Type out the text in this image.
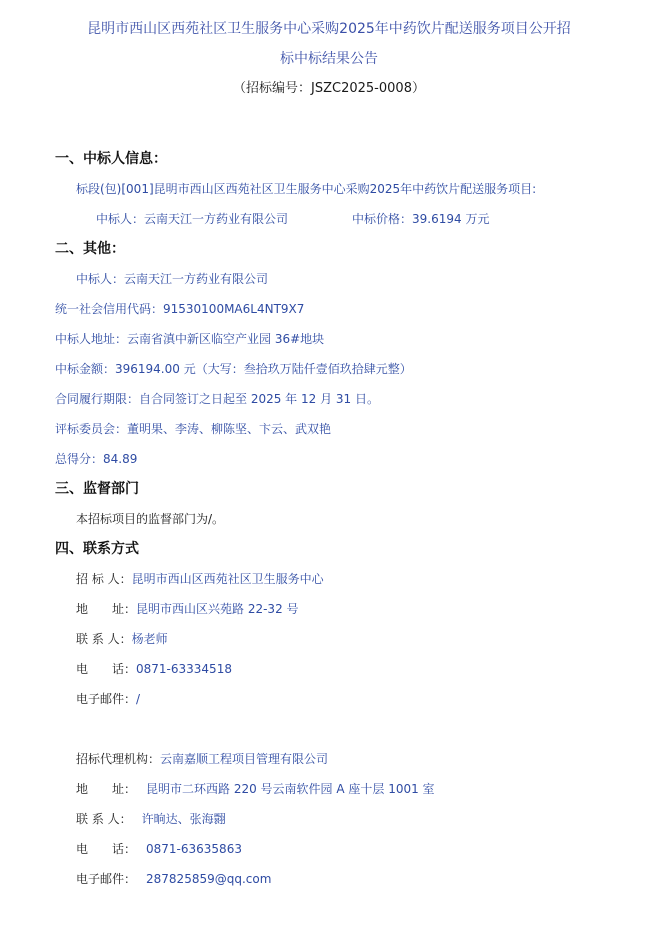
昆明市西山区西苑社区卫生服务中心采购2025年中药饮片配送服务项目公开招
标中标结果公告
（招标编号：JSZC2025-0008）
一、中标人信息：
标段(包)[001]昆明市西山区西苑社区卫生服务中心采购2025年中药饮片配送服务项目:
中标人：云南天江一方药业有限公司	中标价格：39.6194 万元
二、其他：
中标人：云南天江一方药业有限公司
统一社会信用代码：91530100MA6L4NT9X7
中标人地址：云南省滇中新区临空产业园 36#地块
中标金额：396194.00 元（大写：叁拾玖万陆仟壹佰玖拾肆元整）
合同履行期限：自合同签订之日起至 2025 年 12 月 31 日。
评标委员会：董明果、李涛、柳陈坚、卞云、武双艳
总得分：84.89
三、监督部门
本招标项目的监督部门为/。
四、联系方式
招 标 人：昆明市西山区西苑社区卫生服务中心
地　　址：昆明市西山区兴苑路 22-32 号
联 系 人：杨老师
电　　话：0871-63334518
电子邮件：/
招标代理机构：云南嘉顺工程项目管理有限公司
地　　址： 昆明市二环西路 220 号云南软件园 A 座十层 1001 室
联 系 人： 许晌达、张海翾
电　　话： 0871-63635863
电子邮件： 287825859@qq.com
